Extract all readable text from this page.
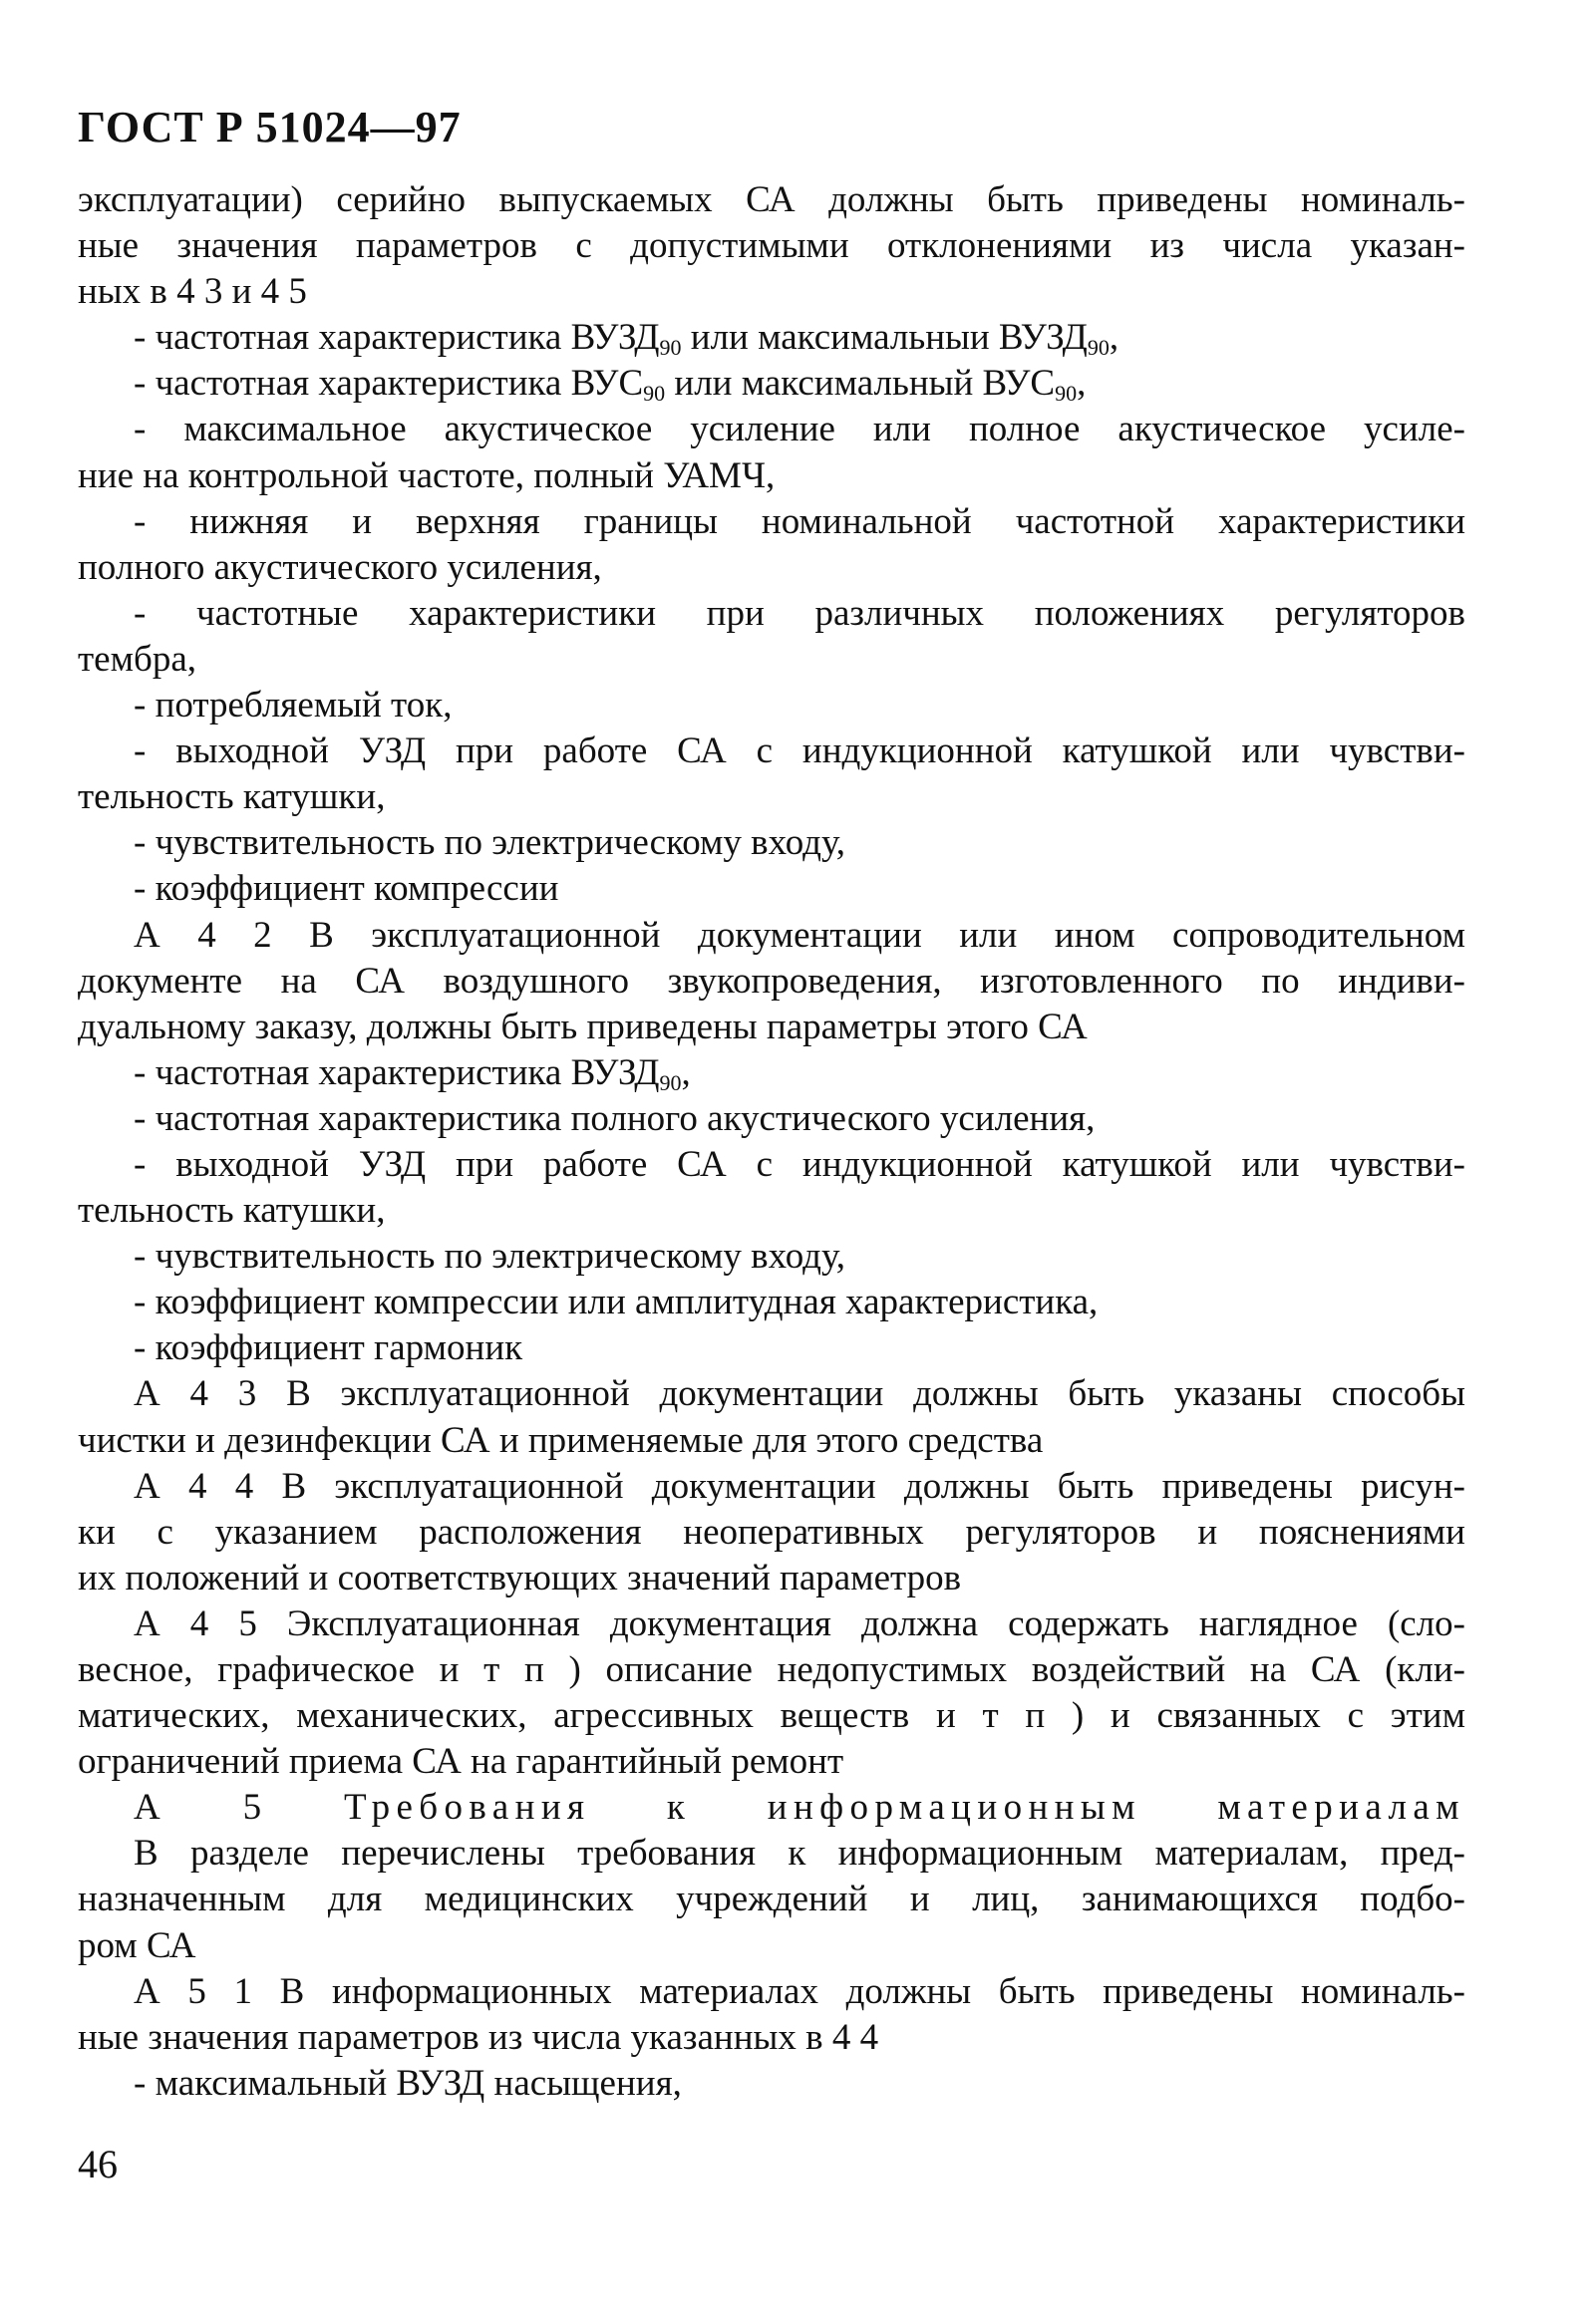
ГОСТ Р 51024—97
эксплуатации) серийно выпускаемых СА должны быть приведены номиналь-
ные значения параметров с допустимыми отклонениями из числа указан-
ных в 4 3 и 4 5
- частотная характеристика $ВУЗД_{90}$ или максимальныи $ВУЗД_{90}$,
- частотная характеристика $ВУС_{90}$ или максимальный $ВУС_{90}$,
- максимальное акустическое усиление или полное акустическое усиле-
ние на контрольной частоте, полный УАМЧ,
- нижняя и верхняя границы номинальной частотной характеристики
полного акустического усиления,
- частотные характеристики при различных положениях регуляторов
тембра,
- потребляемый ток,
- выходной УЗД при работе СА с индукционной катушкой или чувстви-
тельность катушки,
- чувствительность по электрическому входу,
- коэффициент компрессии
А 4 2 В эксплуатационной документации или ином сопроводительном
документе на СА воздушного звукопроведения, изготовленного по индиви-
дуальному заказу, должны быть приведены параметры этого СА
- частотная характеристика $ВУЗД_{90}$,
- частотная характеристика полного акустического усиления,
- выходной УЗД при работе СА с индукционной катушкой или чувстви-
тельность катушки,
- чувствительность по электрическому входу,
- коэффициент компрессии или амплитудная характеристика,
- коэффициент гармоник
А 4 3 В эксплуатационной документации должны быть указаны способы
чистки и дезинфекции СА и применяемые для этого средства
А 4 4 В эксплуатационной документации должны быть приведены рисун-
ки с указанием расположения неоперативных регуляторов и пояснениями
их положений и соответствующих значений параметров
А 4 5 Эксплуатационная документация должна содержать наглядное (сло-
весное, графическое и т п ) описание недопустимых воздействий на СА (кли-
матических, механических, агрессивных веществ и т п ) и связанных с этим
ограничений приема СА на гарантийный ремонт
А 5 Требования к информационным материалам
В разделе перечислены требования к информационным материалам, пред-
назначенным для медицинских учреждений и лиц, занимающихся подбо-
ром СА
А 5 1 В информационных материалах должны быть приведены номиналь-
ные значения параметров из числа указанных в 4 4
- максимальный ВУЗД насыщения,
46
